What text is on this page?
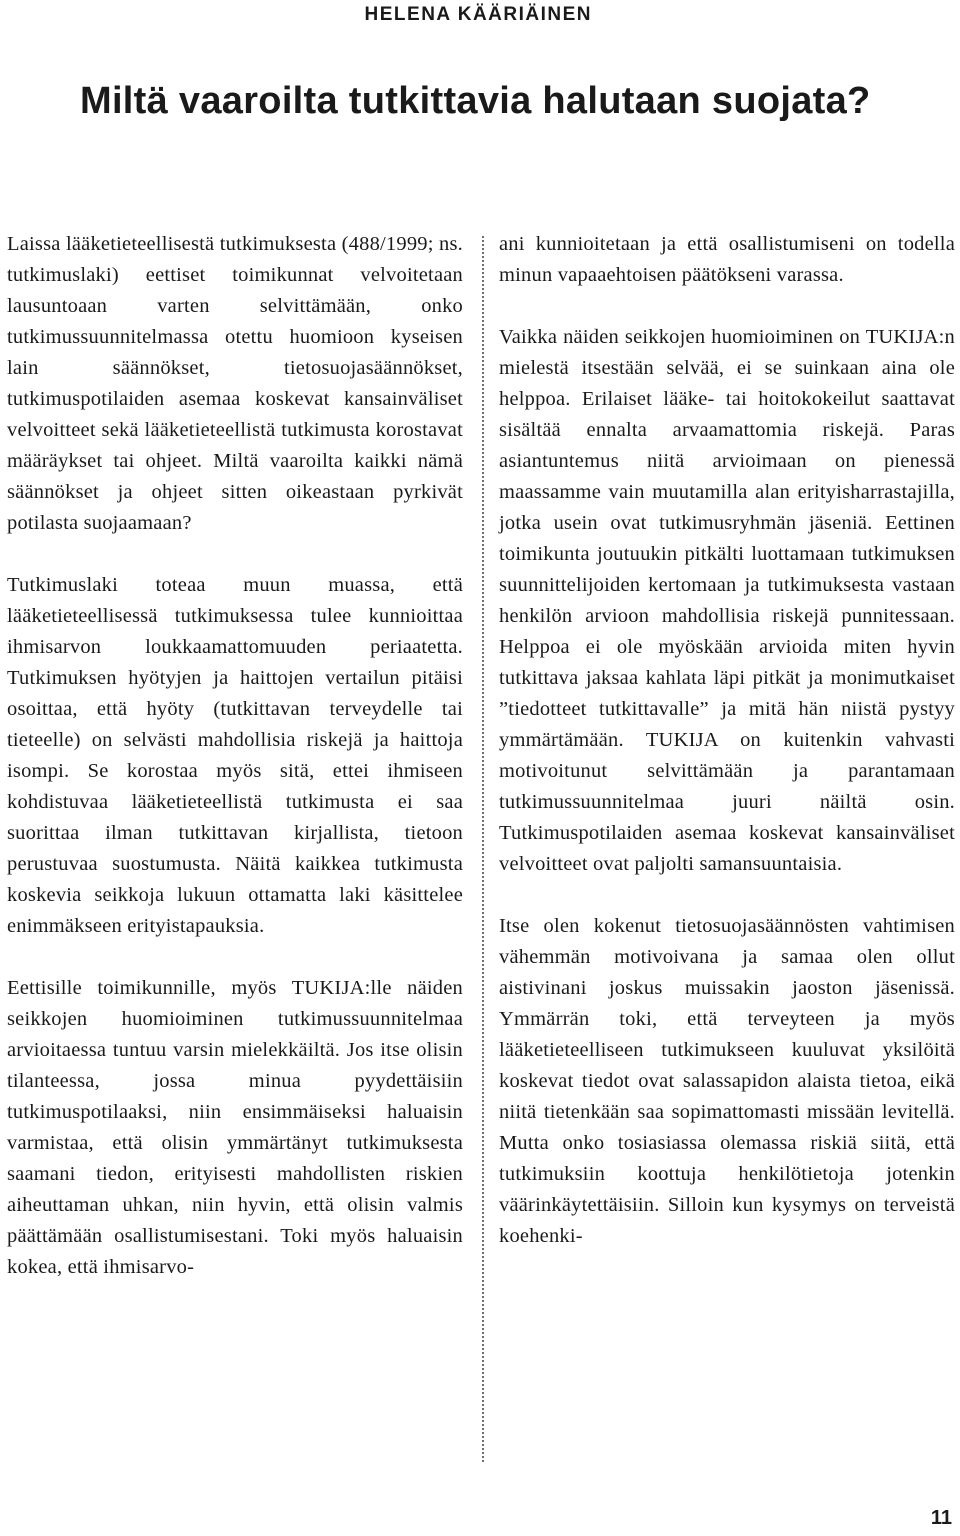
HELENA KÄÄRIÄINEN
Miltä vaaroilta tutkittavia halutaan suojata?

Laissa lääketieteellisestä tutkimuksesta (488/1999; ns. tutkimuslaki) eettiset toimikunnat velvoitetaan lausuntoaan varten selvittämään, onko tutkimussuunnitelmassa otettu huomioon kyseisen lain säännökset, tietosuojasäännökset, tutkimuspotilaiden asemaa koskevat kansainväliset velvoitteet sekä lääketieteellistä tutkimusta korostavat määräykset tai ohjeet. Miltä vaaroilta kaikki nämä säännökset ja ohjeet sitten oikeastaan pyrkivät potilasta suojaamaan?

Tutkimuslaki toteaa muun muassa, että lääketieteellisessä tutkimuksessa tulee kunnioittaa ihmisarvon loukkaamattomuuden periaatetta. Tutkimuksen hyötyjen ja haittojen vertailun pitäisi osoittaa, että hyöty (tutkittavan terveydelle tai tieteelle) on selvästi mahdollisia riskejä ja haittoja isompi. Se korostaa myös sitä, ettei ihmiseen kohdistuvaa lääketieteellistä tutkimusta ei saa suorittaa ilman tutkittavan kirjallista, tietoon perustuvaa suostumusta. Näitä kaikkea tutkimusta koskevia seikkoja lukuun ottamatta laki käsittelee enimmäkseen erityistapauksia.

Eettisille toimikunnille, myös TUKIJA:lle näiden seikkojen huomioiminen tutkimussuunnitelmaa arvioitaessa tuntuu varsin mielekkäiltä. Jos itse olisin tilanteessa, jossa minua pyydettäisiin tutkimuspotilaaksi, niin ensimmäiseksi haluaisin varmistaa, että olisin ymmärtänyt tutkimuksesta saamani tiedon, erityisesti mahdollisten riskien aiheuttaman uhkan, niin hyvin, että olisin valmis päättämään osallistumisestani. Toki myös haluaisin kokea, että ihmisarvo-

ani kunnioitetaan ja että osallistumiseni on todella minun vapaaehtoisen päätökseni varassa.

Vaikka näiden seikkojen huomioiminen on TUKIJA:n mielestä itsestään selvää, ei se suinkaan aina ole helppoa. Erilaiset lääke- tai hoitokokeilut saattavat sisältää ennalta arvaamattomia riskejä. Paras asiantuntemus niitä arvioimaan on pienessä maassamme vain muutamilla alan erityisharrastajilla, jotka usein ovat tutkimusryhmän jäseniä. Eettinen toimikunta joutuukin pitkälti luottamaan tutkimuksen suunnittelijoiden kertomaan ja tutkimuksesta vastaan henkilön arvioon mahdollisia riskejä punnitessaan. Helppoa ei ole myöskään arvioida miten hyvin tutkittava jaksaa kahlata läpi pitkät ja monimutkaiset ”tiedotteet tutkittavalle” ja mitä hän niistä pystyy ymmärtämään. TUKIJA on kuitenkin vahvasti motivoitunut selvittämään ja parantamaan tutkimussuunnitelmaa juuri näiltä osin. Tutkimuspotilaiden asemaa koskevat kansainväliset velvoitteet ovat paljolti samansuuntaisia.

Itse olen kokenut tietosuojasäännösten vahtimisen vähemmän motivoivana ja samaa olen ollut aistivinani joskus muissakin jaoston jäsenissä. Ymmärrän toki, että terveyteen ja myös lääketieteelliseen tutkimukseen kuuluvat yksilöitä koskevat tiedot ovat salassapidon alaista tietoa, eikä niitä tietenkään saa sopimattomasti missään levitellä. Mutta onko tosiasiassa olemassa riskiä siitä, että tutkimuksiin koottuja henkilötietoja jotenkin väärinkäytettäisiin. Silloin kun kysymys on terveistä koehenki-

11
